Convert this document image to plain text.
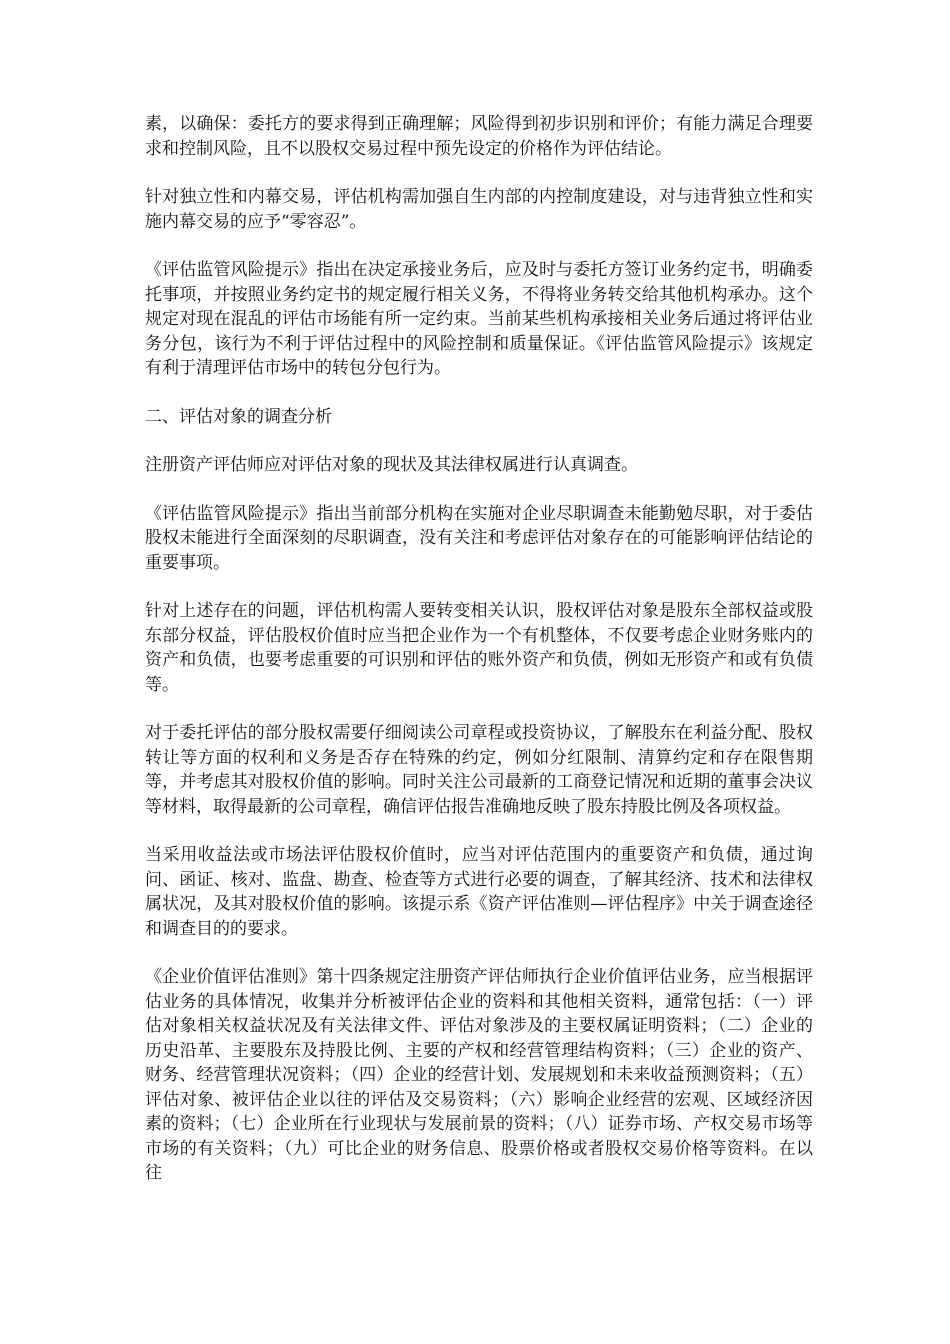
素，以确保：委托方的要求得到正确理解；风险得到初步识别和评价；有能力满足合理要求和控制风险，且不以股权交易过程中预先设定的价格作为评估结论。

针对独立性和内幕交易，评估机构需加强自生内部的内控制度建设，对与违背独立性和实施内幕交易的应予“零容忍”。

《评估监管风险提示》指出在决定承接业务后，应及时与委托方签订业务约定书，明确委托事项，并按照业务约定书的规定履行相关义务，不得将业务转交给其他机构承办。这个规定对现在混乱的评估市场能有所一定约束。当前某些机构承接相关业务后通过将评估业务分包，该行为不利于评估过程中的风险控制和质量保证。《评估监管风险提示》该规定有利于清理评估市场中的转包分包行为。

二、评估对象的调查分析

注册资产评估师应对评估对象的现状及其法律权属进行认真调查。

《评估监管风险提示》指出当前部分机构在实施对企业尽职调查未能勤勉尽职，对于委估股权未能进行全面深刻的尽职调查，没有关注和考虑评估对象存在的可能影响评估结论的重要事项。

针对上述存在的问题，评估机构需人要转变相关认识，股权评估对象是股东全部权益或股东部分权益，评估股权价值时应当把企业作为一个有机整体，不仅要考虑企业财务账内的资产和负债，也要考虑重要的可识别和评估的账外资产和负债，例如无形资产和或有负债等。

对于委托评估的部分股权需要仔细阅读公司章程或投资协议，了解股东在利益分配、股权转让等方面的权利和义务是否存在特殊的约定，例如分红限制、清算约定和存在限售期等，并考虑其对股权价值的影响。同时关注公司最新的工商登记情况和近期的董事会决议等材料，取得最新的公司章程，确信评估报告准确地反映了股东持股比例及各项权益。

当采用收益法或市场法评估股权价值时，应当对评估范围内的重要资产和负债，通过询问、函证、核对、监盘、勘查、检查等方式进行必要的调查，了解其经济、技术和法律权属状况，及其对股权价值的影响。该提示系《资产评估准则—评估程序》中关于调查途径和调查目的的要求。

《企业价值评估准则》第十四条规定注册资产评估师执行企业价值评估业务，应当根据评估业务的具体情况，收集并分析被评估企业的资料和其他相关资料，通常包括：（一）评估对象相关权益状况及有关法律文件、评估对象涉及的主要权属证明资料；（二）企业的历史沿革、主要股东及持股比例、主要的产权和经营管理结构资料；（三）企业的资产、财务、经营管理状况资料；（四）企业的经营计划、发展规划和未来收益预测资料；（五）评估对象、被评估企业以往的评估及交易资料；（六）影响企业经营的宏观、区域经济因素的资料；（七）企业所在行业现状与发展前景的资料；（八）证券市场、产权交易市场等市场的有关资料；（九）可比企业的财务信息、股票价格或者股权交易价格等资料。在以往
